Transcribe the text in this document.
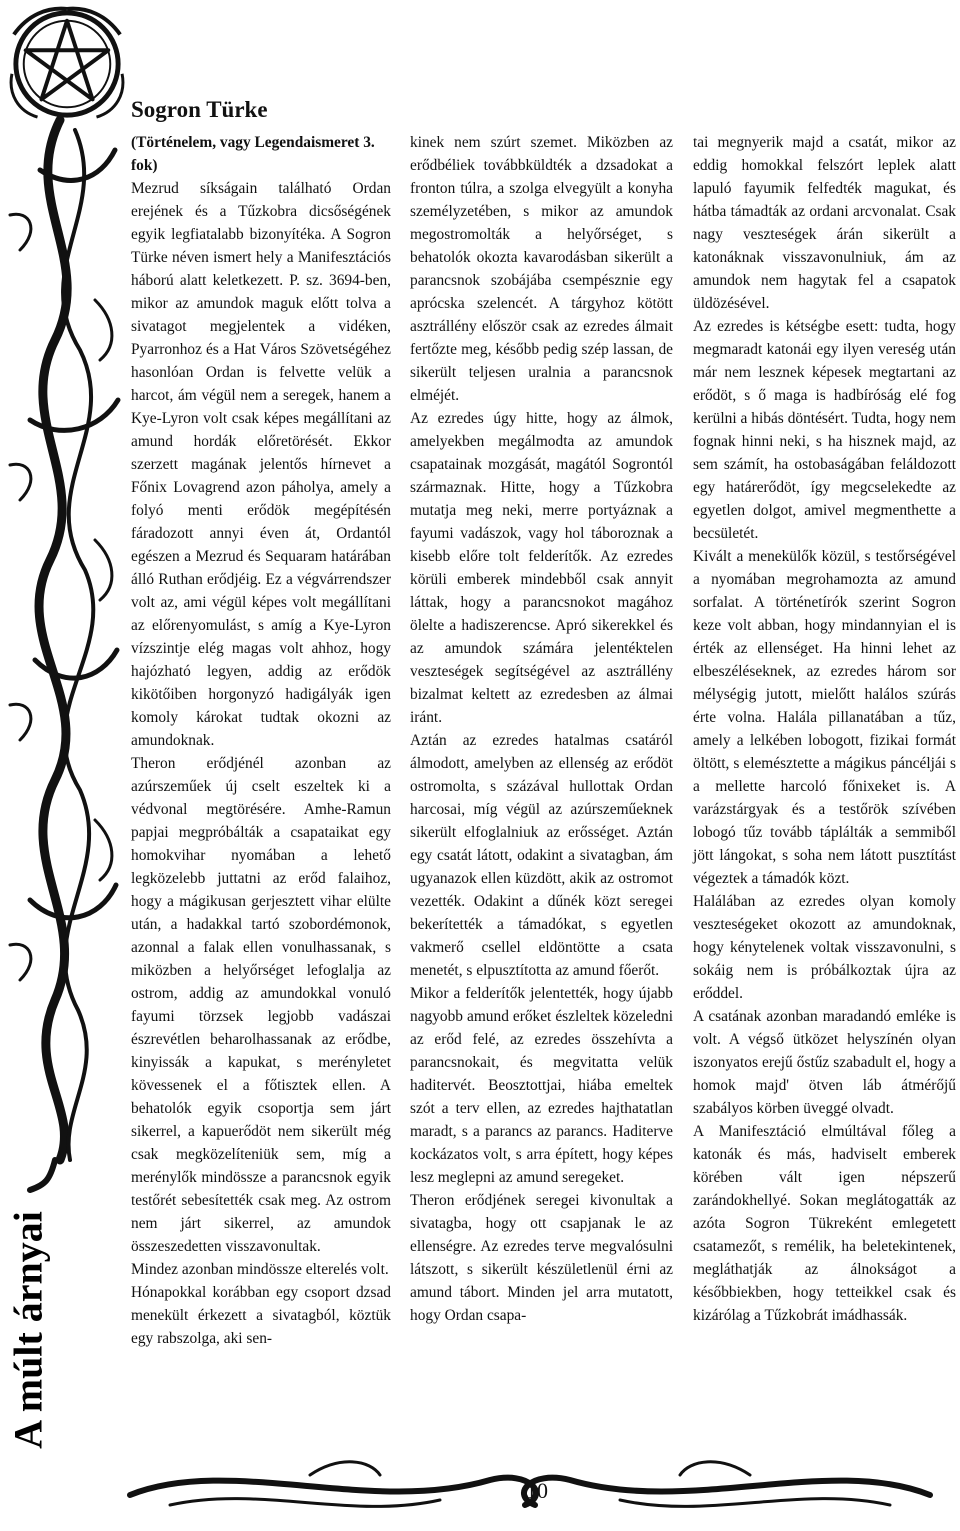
A múlt árnyai
Sogron Türke

(Történelem, vagy Legendaismeret 3. fok)

Mezrud síkságain található Ordan erejének és a Tűzkobra dicsőségének egyik legfiatalabb bizonyítéka. A Sogron Türke néven ismert hely a Manifesztációs háború alatt keletkezett. P. sz. 3694-ben, mikor az amundok maguk előtt tolva a sivatagot megjelentek a vidéken, Pyarronhoz és a Hat Város Szövetségéhez hasonlóan Ordan is felvette velük a harcot, ám végül nem a seregek, hanem a Kye-Lyron volt csak képes megállítani az amund hordák előretörését. Ekkor szerzett magának jelentős hírnevet a Főnix Lovagrend azon páholya, amely a folyó menti erődök megépítésén fáradozott annyi éven át, Ordantól egészen a Mezrud és Sequaram határában álló Ruthan erődjéig. Ez a végvárrendszer volt az, ami végül képes volt megállítani az előrenyomulást, s amíg a Kye-Lyron vízszintje elég magas volt ahhoz, hogy hajózható legyen, addig az erődök kikötőiben horgonyzó hadigályák igen komoly károkat tudtak okozni az amundoknak.

Theron erődjénél azonban az azúrszeműek új cselt eszeltek ki a védvonal megtörésére. Amhe-Ramun papjai megpróbálták a csapataikat egy homokvihar nyomában a lehető legközelebb juttatni az erőd falaihoz, hogy a mágikusan gerjesztett vihar elülte után, a hadakkal tartó szobordémonok, azonnal a falak ellen vonulhassanak, s miközben a helyőrséget lefoglalja az ostrom, addig az amundokkal vonuló fayumi törzsek legjobb vadászai észrevétlen beharolhassanak az erődbe, kinyissák a kapukat, s merényletet kövessenek el a főtisztek ellen. A behatolók egyik csoportja sem járt sikerrel, a kapuerődöt nem sikerült még csak megközelíteniük sem, míg a merénylők mindössze a parancsnok egyik testőrét sebesítették csak meg. Az ostrom nem járt sikerrel, az amundok összeszedetten visszavonultak.

Mindez azonban mindössze elterelés volt.

Hónapokkal korábban egy csoport dzsad menekült érkezett a sivatagból, köztük egy rabszolga, aki sen-

kinek nem szúrt szemet. Miközben az erődbéliek továbbküldték a dzsadokat a fronton túlra, a szolga elvegyült a konyha személyzetében, s mikor az amundok megostromolták a helyőrséget, s behatolók okozta kavarodásban sikerült a parancsnok szobájába csempésznie egy aprócska szelencét. A tárgyhoz kötött asztrállény először csak az ezredes álmait fertőzte meg, később pedig szép lassan, de sikerült teljesen uralnia a parancsnok elméjét.

Az ezredes úgy hitte, hogy az álmok, amelyekben megálmodta az amundok csapatainak mozgását, magától Sogrontól származnak. Hitte, hogy a Tűzkobra mutatja meg neki, merre portyáznak a fayumi vadászok, vagy hol táboroznak a kisebb előre tolt felderítők. Az ezredes körüli emberek mindebből csak annyit láttak, hogy a parancsnokot magához ölelte a hadiszerencse. Apró sikerekkel és az amundok számára jelentéktelen veszteségek segítségével az asztrállény bizalmat keltett az ezredesben az álmai iránt.

Aztán az ezredes hatalmas csatáról álmodott, amelyben az ellenség az erődöt ostromolta, s százával hullottak Ordan harcosai, míg végül az azúrszeműeknek sikerült elfoglalniuk az erősséget. Aztán egy csatát látott, odakint a sivatagban, ám ugyanazok ellen küzdött, akik az ostromot vezették. Odakint a dűnék közt seregei bekerítették a támadókat, s egyetlen vakmerő csellel eldöntötte a csata menetét, s elpusztította az amund főerőt.

Mikor a felderítők jelentették, hogy újabb nagyobb amund erőket észleltek közeledni az erőd felé, az ezredes összehívta a parancsnokait, és megvitatta velük haditervét. Beosztottjai, hiába emeltek szót a terv ellen, az ezredes hajthatatlan maradt, s a parancs az parancs. Haditerve kockázatos volt, s arra épített, hogy képes lesz meglepni az amund seregeket.

Theron erődjének seregei kivonultak a sivatagba, hogy ott csapjanak le az ellenségre. Az ezredes terve megvalósulni látszott, s sikerült készületlenül érni az amund tábort. Minden jel arra mutatott, hogy Ordan csapa-

tai megnyerik majd a csatát, mikor az eddig homokkal felszórt leplek alatt lapuló fayumik felfedték magukat, és hátba támadták az ordani arcvonalat. Csak nagy veszteségek árán sikerült a katonáknak visszavonulniuk, ám az amundok nem hagytak fel a csapatok üldözésével.

Az ezredes is kétségbe esett: tudta, hogy megmaradt katonái egy ilyen vereség után már nem lesznek képesek megtartani az erődöt, s ő maga is hadbíróság elé fog kerülni a hibás döntésért. Tudta, hogy nem fognak hinni neki, s ha hisznek majd, az sem számít, ha ostobaságában feláldozott egy határerődöt, így megcselekedte az egyetlen dolgot, amivel megmenthette a becsületét.

Kivált a menekülők közül, s testőrségével a nyomában megrohamozta az amund sorfalat. A történetírók szerint Sogron keze volt abban, hogy mindannyian el is érték az ellenséget. Ha hinni lehet az elbeszéléseknek, az ezredes három sor mélységig jutott, mielőtt halálos szúrás érte volna. Halála pillanatában a tűz, amely a lelkében lobogott, fizikai formát öltött, s elemésztette a mágikus páncéljái s a mellette harcoló főnixeket is. A varázstárgyak és a testőrök szívében lobogó tűz tovább táplálták a semmiből jött lángokat, s soha nem látott pusztítást végeztek a támadók közt.

Halálában az ezredes olyan komoly veszteségeket okozott az amundoknak, hogy kénytelenek voltak visszavonulni, s sokáig nem is próbálkoztak újra az erőddel.

A csatának azonban maradandó emléke is volt. A végső ütközet helyszínén olyan iszonyatos erejű őstűz szabadult el, hogy a homok majd' ötven láb átmérőjű szabályos körben üveggé olvadt.

A Manifesztáció elmúltával főleg a katonák és más, hadviselt emberek körében vált igen népszerű zarándokhellyé. Sokan meglátogatták az azóta Sogron Tükreként emlegetett csatamezőt, s remélik, ha beletekintenek, megláthatják az álnokságot a későbbiekben, hogy tetteikkel csak és kizárólag a Tűzkobrát imádhassák.

10
